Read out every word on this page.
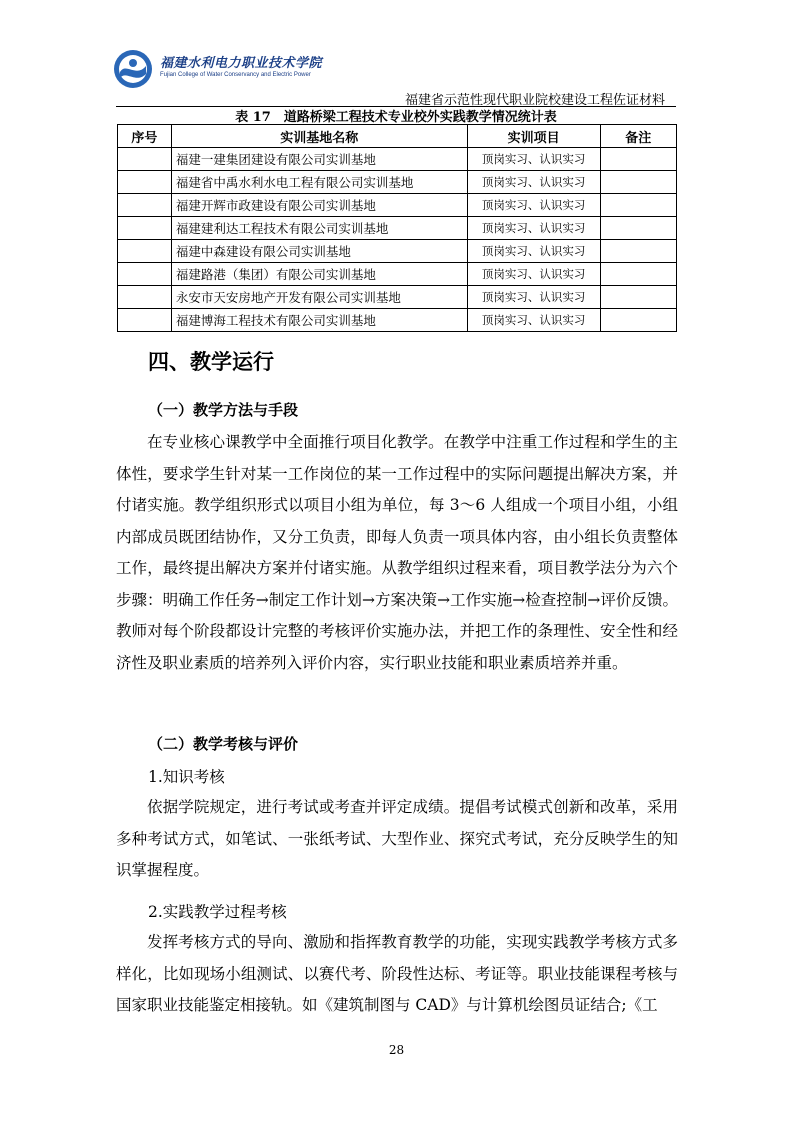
福建水利电力职业技术学院
Fujian College of Water Conservancy and Electric Power
福建省示范性现代职业院校建设工程佐证材料
表 17　道路桥梁工程技术专业校外实践教学情况统计表
序号	实训基地名称	实训项目	备注
	福建一建集团建设有限公司实训基地	顶岗实习、认识实习	
	福建省中禹水利水电工程有限公司实训基地	顶岗实习、认识实习	
	福建开辉市政建设有限公司实训基地	顶岗实习、认识实习	
	福建建利达工程技术有限公司实训基地	顶岗实习、认识实习	
	福建中森建设有限公司实训基地	顶岗实习、认识实习	
	福建路港（集团）有限公司实训基地	顶岗实习、认识实习	
	永安市天安房地产开发有限公司实训基地	顶岗实习、认识实习	
	福建博海工程技术有限公司实训基地	顶岗实习、认识实习	
四、教学运行
（一）教学方法与手段

在专业核心课教学中全面推行项目化教学。在教学中注重工作过程和学生的主体性，要求学生针对某一工作岗位的某一工作过程中的实际问题提出解决方案，并付诸实施。教学组织形式以项目小组为单位，每 3～6 人组成一个项目小组，小组内部成员既团结协作，又分工负责，即每人负责一项具体内容，由小组长负责整体工作，最终提出解决方案并付诸实施。从教学组织过程来看，项目教学法分为六个步骤：明确工作任务→制定工作计划→方案决策→工作实施→检查控制→评价反馈。教师对每个阶段都设计完整的考核评价实施办法，并把工作的条理性、安全性和经济性及职业素质的培养列入评价内容，实行职业技能和职业素质培养并重。

（二）教学考核与评价
1.知识考核

依据学院规定，进行考试或考查并评定成绩。提倡考试模式创新和改革，采用多种考试方式，如笔试、一张纸考试、大型作业、探究式考试，充分反映学生的知识掌握程度。

2.实践教学过程考核

发挥考核方式的导向、激励和指挥教育教学的功能，实现实践教学考核方式多样化，比如现场小组测试、以赛代考、阶段性达标、考证等。职业技能课程考核与国家职业技能鉴定相接轨。如《建筑制图与 CAD》与计算机绘图员证结合;《工

28
